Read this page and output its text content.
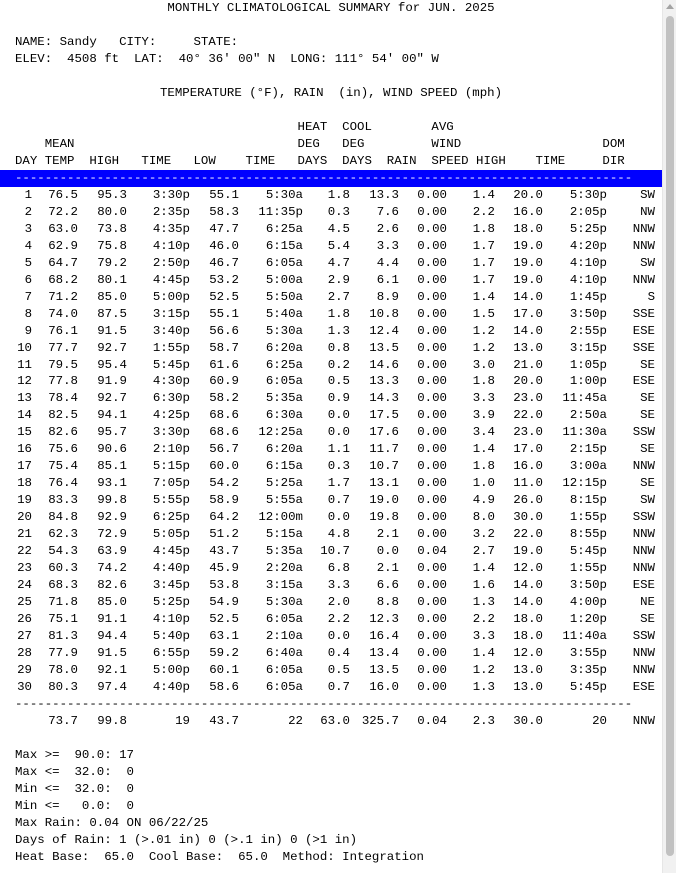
MONTHLY CLIMATOLOGICAL SUMMARY for JUN. 2025
NAME: Sandy   CITY:     STATE:
ELEV:  4508 ft  LAT:  40° 36' 00" N  LONG: 111° 54' 00" W
TEMPERATURE (°F), RAIN  (in), WIND SPEED (mph)
HEAT  COOL        AVG
MEAN                              DEG   DEG         WIND                   DOM
DAY TEMP  HIGH   TIME   LOW    TIME   DAYS  DAYS  RAIN  SPEED HIGH    TIME     DIR
-----------------------------------------------------------------------------------
1 76.5 95.3 3:30p 55.1 5:30a 1.8 13.3 0.00 1.4 20.0 5:30p	SW
2 72.2 80.0 2:35p 58.3 11:35p 0.3 7.6 0.00 2.2 16.0 2:05p	NW
3 63.0 73.8 4:35p 47.7 6:25a 4.5 2.6 0.00 1.8 18.0 5:25p NNW
4 62.9 75.8 4:10p 46.0 6:15a 5.4 3.3 0.00 1.7 19.0 4:20p NNW
5 64.7 79.2 2:50p 46.7 6:05a 4.7 4.4 0.00 1.7 19.0 4:10p	SW
6 68.2 80.1 4:45p 53.2 5:00a 2.9 6.1 0.00 1.7 19.0 4:10p NNW
7 71.2 85.0 5:00p 52.5 5:50a 2.7 8.9 0.00 1.4 14.0 1:45p	S
8 74.0 87.5 3:15p 55.1 5:40a 1.8 10.8 0.00 1.5 17.0 3:50p SSE
9 76.1 91.5 3:40p 56.6 5:30a 1.3 12.4 0.00 1.2 14.0 2:55p ESE
10 77.7 92.7 1:55p 58.7 6:20a 0.8 13.5 0.00 1.2 13.0 3:15p SSE
11 79.5 95.4 5:45p 61.6 6:25a 0.2 14.6 0.00 3.0 21.0 1:05p	SE
12 77.8 91.9 4:30p 60.9 6:05a 0.5 13.3 0.00 1.8 20.0 1:00p ESE
13 78.4 92.7 6:30p 58.2 5:35a 0.9 14.3 0.00 3.3 23.0 11:45a	SE
14 82.5 94.1 4:25p 68.6 6:30a 0.0 17.5 0.00 3.9 22.0 2:50a	SE
15 82.6 95.7 3:30p 68.6 12:25a 0.0 17.6 0.00 3.4 23.0 11:30a SSW
16 75.6 90.6 2:10p 56.7 6:20a 1.1 11.7 0.00 1.4 17.0 2:15p	SE
17 75.4 85.1 5:15p 60.0 6:15a 0.3 10.7 0.00 1.8 16.0 3:00a NNW
18 76.4 93.1 7:05p 54.2 5:25a 1.7 13.1 0.00 1.0 11.0 12:15p	SE
19 83.3 99.8 5:55p 58.9 5:55a 0.7 19.0 0.00 4.9 26.0 8:15p	SW
20 84.8 92.9 6:25p 64.2 12:00m 0.0 19.8 0.00 8.0 30.0 1:55p SSW
21 62.3 72.9 5:05p 51.2 5:15a 4.8 2.1 0.00 3.2 22.0 8:55p NNW
22 54.3 63.9 4:45p 43.7 5:35a 10.7 0.0 0.04 2.7 19.0 5:45p NNW
23 60.3 74.2 4:40p 45.9 2:20a 6.8 2.1 0.00 1.4 12.0 1:55p NNW
24 68.3 82.6 3:45p 53.8 3:15a 3.3 6.6 0.00 1.6 14.0 3:50p ESE
25 71.8 85.0 5:25p 54.9 5:30a 2.0 8.8 0.00 1.3 14.0 4:00p	NE
26 75.1 91.1 4:10p 52.5 6:05a 2.2 12.3 0.00 2.2 18.0 1:20p	SE
27 81.3 94.4 5:40p 63.1 2:10a 0.0 16.4 0.00 3.3 18.0 11:40a SSW
28 77.9 91.5 6:55p 59.2 6:40a 0.4 13.4 0.00 1.4 12.0 3:55p NNW
29 78.0 92.1 5:00p 60.1 6:05a 0.5 13.5 0.00 1.2 13.0 3:35p NNW
30 80.3 97.4 4:40p 58.6 6:05a 0.7 16.0 0.00 1.3 13.0 5:45p ESE
-----------------------------------------------------------------------------------
73.7 99.8	19 43.7	22 63.0 325.7 0.04 2.3 30.0	20 NNW
Max >=  90.0: 17
Max <=  32.0:  0
Min <=  32.0:  0
Min <=   0.0:  0
Max Rain: 0.04 ON 06/22/25
Days of Rain: 1 (>.01 in) 0 (>.1 in) 0 (>1 in)
Heat Base:  65.0  Cool Base:  65.0  Method: Integration
